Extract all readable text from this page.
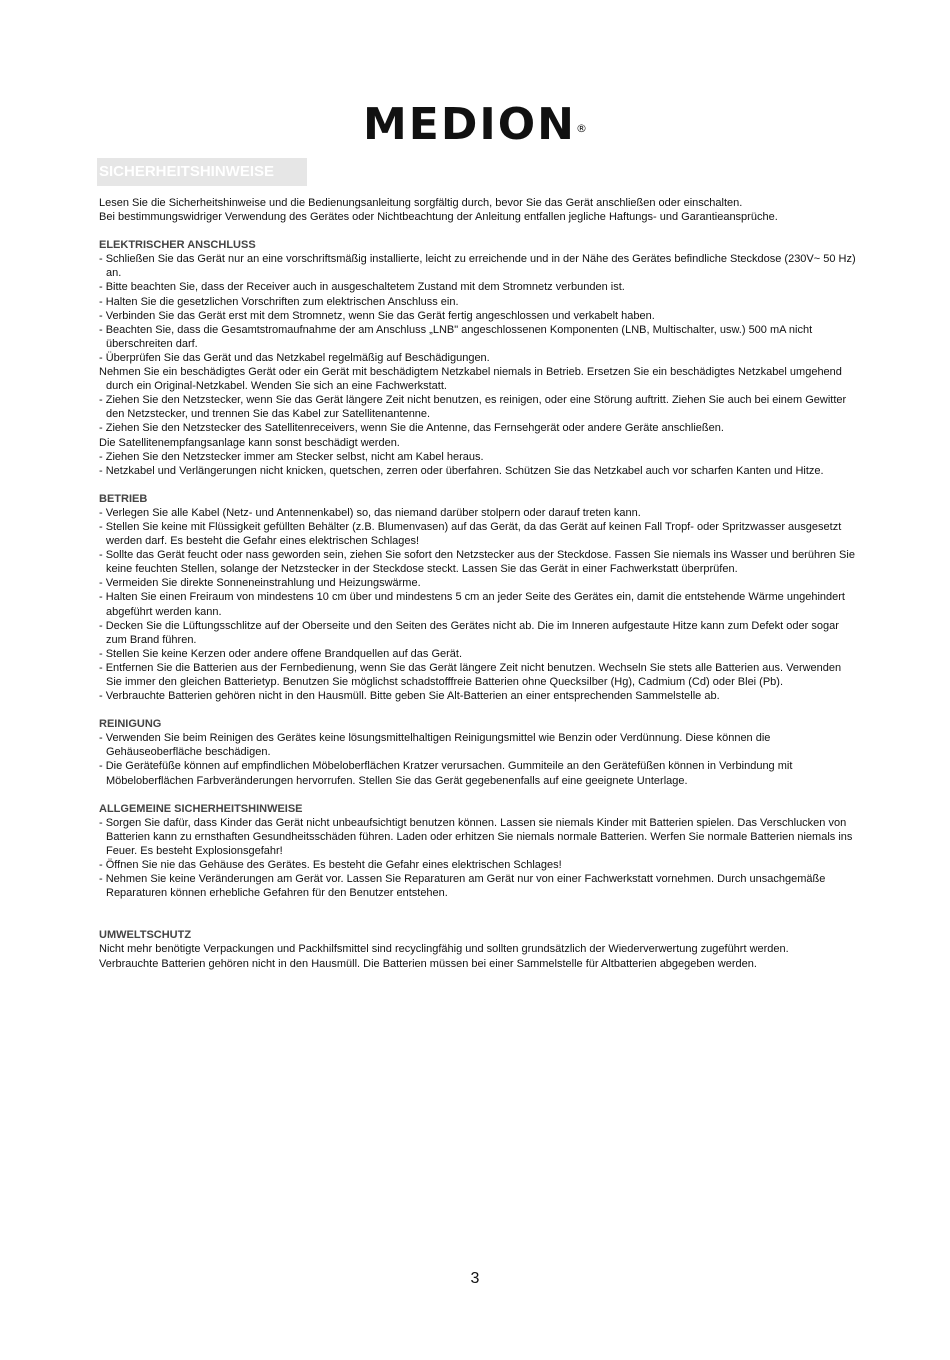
MEDION®
SICHERHEITSHINWEISE

Lesen Sie die Sicherheitshinweise und die Bedienungsanleitung sorgfältig durch, bevor Sie das Gerät anschließen oder einschalten.

Bei bestimmungswidriger Verwendung des Gerätes oder Nichtbeachtung der Anleitung entfallen jegliche Haftungs- und Garantieansprüche.

ELEKTRISCHER ANSCHLUSS
- Schließen Sie das Gerät nur an eine vorschriftsmäßig installierte, leicht zu erreichende und in der Nähe des Gerätes befindliche Steckdose (230V~ 50 Hz) an.
- Bitte beachten Sie, dass der Receiver auch in ausgeschaltetem Zustand mit dem Stromnetz verbunden ist.
- Halten Sie die gesetzlichen Vorschriften zum elektrischen Anschluss ein.
- Verbinden Sie das Gerät erst mit dem Stromnetz, wenn Sie das Gerät fertig angeschlossen und verkabelt haben.
- Beachten Sie, dass die Gesamtstromaufnahme der am Anschluss „LNB" angeschlossenen Komponenten (LNB, Multischalter, usw.) 500 mA nicht überschreiten darf.
- Überprüfen Sie das Gerät und das Netzkabel regelmäßig auf Beschädigungen.
Nehmen Sie ein beschädigtes Gerät oder ein Gerät mit beschädigtem Netzkabel niemals in Betrieb. Ersetzen Sie ein beschädigtes Netzkabel umgehend durch ein Original-Netzkabel. Wenden Sie sich an eine Fachwerkstatt.
- Ziehen Sie den Netzstecker, wenn Sie das Gerät längere Zeit nicht benutzen, es reinigen, oder eine Störung auftritt. Ziehen Sie auch bei einem Gewitter den Netzstecker, und trennen Sie das Kabel zur Satellitenantenne.
- Ziehen Sie den Netzstecker des Satellitenreceivers, wenn Sie die Antenne, das Fernsehgerät oder andere Geräte anschließen.
Die Satellitenempfangsanlage kann sonst beschädigt werden.
- Ziehen Sie den Netzstecker immer am Stecker selbst, nicht am Kabel heraus.
- Netzkabel und Verlängerungen nicht knicken, quetschen, zerren oder überfahren. Schützen Sie das Netzkabel auch vor scharfen Kanten und Hitze.
BETRIEB
- Verlegen Sie alle Kabel (Netz- und Antennenkabel) so, das niemand darüber stolpern oder darauf treten kann.
- Stellen Sie keine mit Flüssigkeit gefüllten Behälter (z.B. Blumenvasen) auf das Gerät, da das Gerät auf keinen Fall Tropf- oder Spritzwasser ausgesetzt werden darf. Es besteht die Gefahr eines elektrischen Schlages!
- Sollte das Gerät feucht oder nass geworden sein, ziehen Sie sofort den Netzstecker aus der Steckdose. Fassen Sie niemals ins Wasser und berühren Sie keine feuchten Stellen, solange der Netzstecker in der Steckdose steckt. Lassen Sie das Gerät in einer Fachwerkstatt überprüfen.
- Vermeiden Sie direkte Sonneneinstrahlung und Heizungswärme.
- Halten Sie einen Freiraum von mindestens 10 cm über und mindestens 5 cm an jeder Seite des Gerätes ein, damit die entstehende Wärme ungehindert abgeführt werden kann.
- Decken Sie die Lüftungsschlitze auf der Oberseite und den Seiten des Gerätes nicht ab. Die im Inneren aufgestaute Hitze kann zum Defekt oder sogar zum Brand führen.
- Stellen Sie keine Kerzen oder andere offene Brandquellen auf das Gerät.
- Entfernen Sie die Batterien aus der Fernbedienung, wenn Sie das Gerät längere Zeit nicht benutzen. Wechseln Sie stets alle Batterien aus. Verwenden Sie immer den gleichen Batterietyp. Benutzen Sie möglichst schadstofffreie Batterien ohne Quecksilber (Hg), Cadmium (Cd) oder Blei (Pb).
- Verbrauchte Batterien gehören nicht in den Hausmüll. Bitte geben Sie Alt-Batterien an einer entsprechenden Sammelstelle ab.
REINIGUNG
- Verwenden Sie beim Reinigen des Gerätes keine lösungsmittelhaltigen Reinigungsmittel wie Benzin oder Verdünnung. Diese können die Gehäuseoberfläche beschädigen.
- Die Gerätefüße können auf empfindlichen Möbeloberflächen Kratzer verursachen. Gummiteile an den Gerätefüßen können in Verbindung mit Möbeloberflächen Farbveränderungen hervorrufen. Stellen Sie das Gerät gegebenenfalls auf eine geeignete Unterlage.
ALLGEMEINE SICHERHEITSHINWEISE
- Sorgen Sie dafür, dass Kinder das Gerät nicht unbeaufsichtigt benutzen können. Lassen sie niemals Kinder mit Batterien spielen. Das Verschlucken von Batterien kann zu ernsthaften Gesundheitsschäden führen. Laden oder erhitzen Sie niemals normale Batterien. Werfen Sie normale Batterien niemals ins Feuer. Es besteht Explosionsgefahr!
- Öffnen Sie nie das Gehäuse des Gerätes. Es besteht die Gefahr eines elektrischen Schlages!
- Nehmen Sie keine Veränderungen am Gerät vor. Lassen Sie Reparaturen am Gerät nur von einer Fachwerkstatt vornehmen. Durch unsachgemäße Reparaturen können erhebliche Gefahren für den Benutzer entstehen.
UMWELTSCHUTZ

Nicht mehr benötigte Verpackungen und Packhilfsmittel sind recyclingfähig und sollten grundsätzlich der Wiederverwertung zugeführt werden.

Verbrauchte Batterien gehören nicht in den Hausmüll. Die Batterien müssen bei einer Sammelstelle für Altbatterien abgegeben werden.

3
